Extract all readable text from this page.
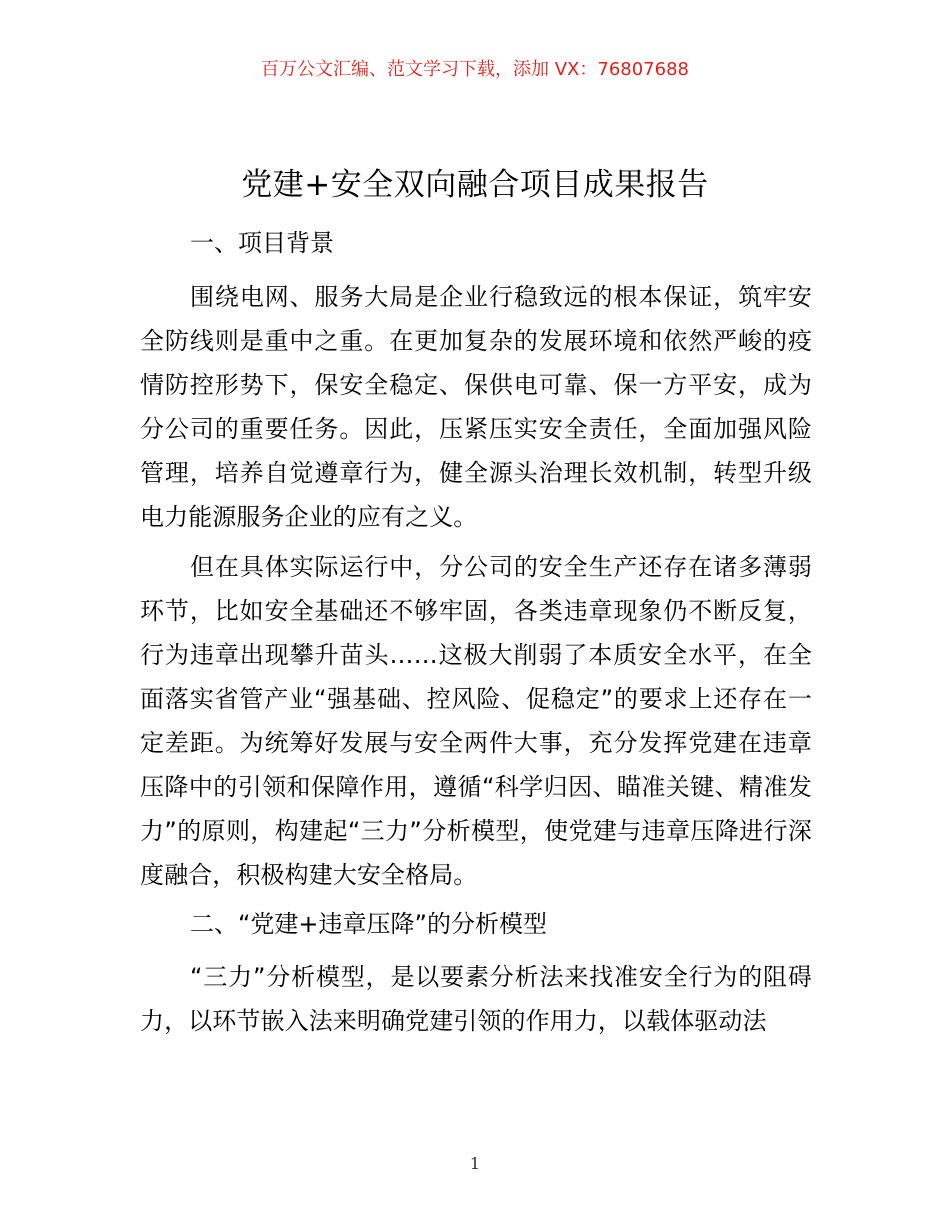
百万公文汇编、范文学习下载，添加 VX：76807688
党建+安全双向融合项目成果报告
一、项目背景

围绕电网、服务大局是企业行稳致远的根本保证，筑牢安全防线则是重中之重。在更加复杂的发展环境和依然严峻的疫情防控形势下，保安全稳定、保供电可靠、保一方平安，成为分公司的重要任务。因此，压紧压实安全责任，全面加强风险管理，培养自觉遵章行为，健全源头治理长效机制，转型升级电力能源服务企业的应有之义。

但在具体实际运行中，分公司的安全生产还存在诸多薄弱环节，比如安全基础还不够牢固，各类违章现象仍不断反复，行为违章出现攀升苗头……这极大削弱了本质安全水平，在全面落实省管产业“强基础、控风险、促稳定”的要求上还存在一定差距。为统筹好发展与安全两件大事，充分发挥党建在违章压降中的引领和保障作用，遵循“科学归因、瞄准关键、精准发力”的原则，构建起“三力”分析模型，使党建与违章压降进行深度融合，积极构建大安全格局。

二、“党建+违章压降”的分析模型

“三力”分析模型，是以要素分析法来找准安全行为的阻碍力，以环节嵌入法来明确党建引领的作用力，以载体驱动法

1
